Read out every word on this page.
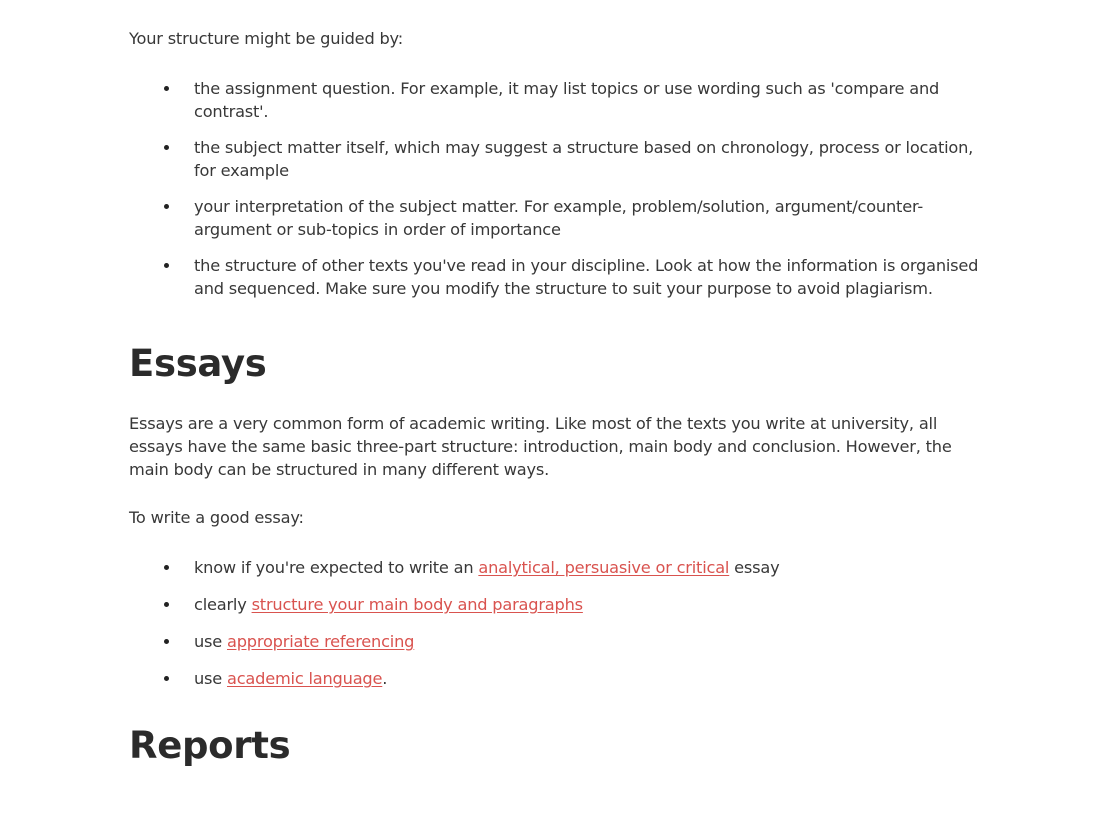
Your structure might be guided by:

the assignment question. For example, it may list topics or use wording such as 'compare and contrast'.
the subject matter itself, which may suggest a structure based on chronology, process or location, for example
your interpretation of the subject matter. For example, problem/solution, argument/counter-argument or sub-topics in order of importance
the structure of other texts you've read in your discipline. Look at how the information is organised and sequenced. Make sure you modify the structure to suit your purpose to avoid plagiarism.
Essays

Essays are a very common form of academic writing. Like most of the texts you write at university, all essays have the same basic three-part structure: introduction, main body and conclusion. However, the main body can be structured in many different ways.

To write a good essay:

know if you're expected to write an analytical, persuasive or critical essay
clearly structure your main body and paragraphs
use appropriate referencing
use academic language.
Reports
